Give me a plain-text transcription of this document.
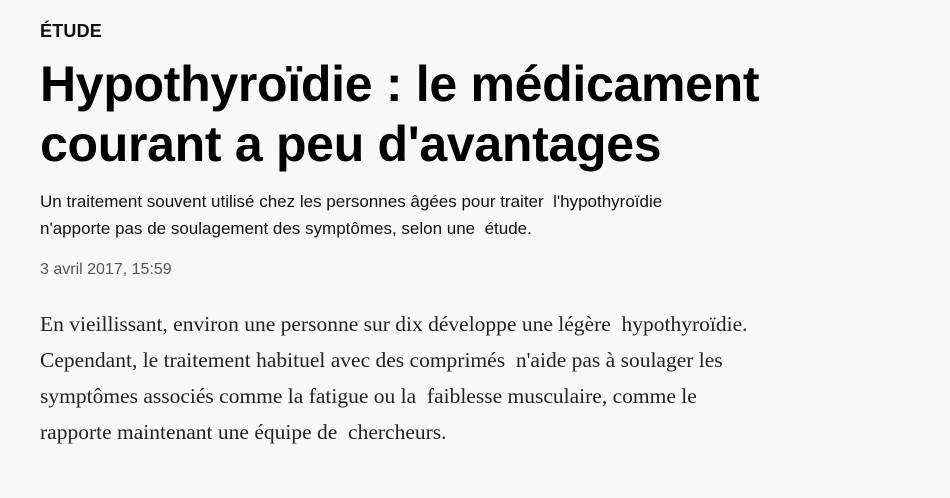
ÉTUDE

Hypothyroïdie : le médicament
courant a peu d'avantages

Un traitement souvent utilisé chez les personnes âgées pour traiter  l'hypothyroïdie
n'apporte pas de soulagement des symptômes, selon une  étude.

3 avril 2017, 15:59

En vieillissant, environ une personne sur dix développe une légère  hypothyroïdie.
Cependant, le traitement habituel avec des comprimés  n'aide pas à soulager les
symptômes associés comme la fatigue ou la  faiblesse musculaire, comme le
rapporte maintenant une équipe de  chercheurs.
